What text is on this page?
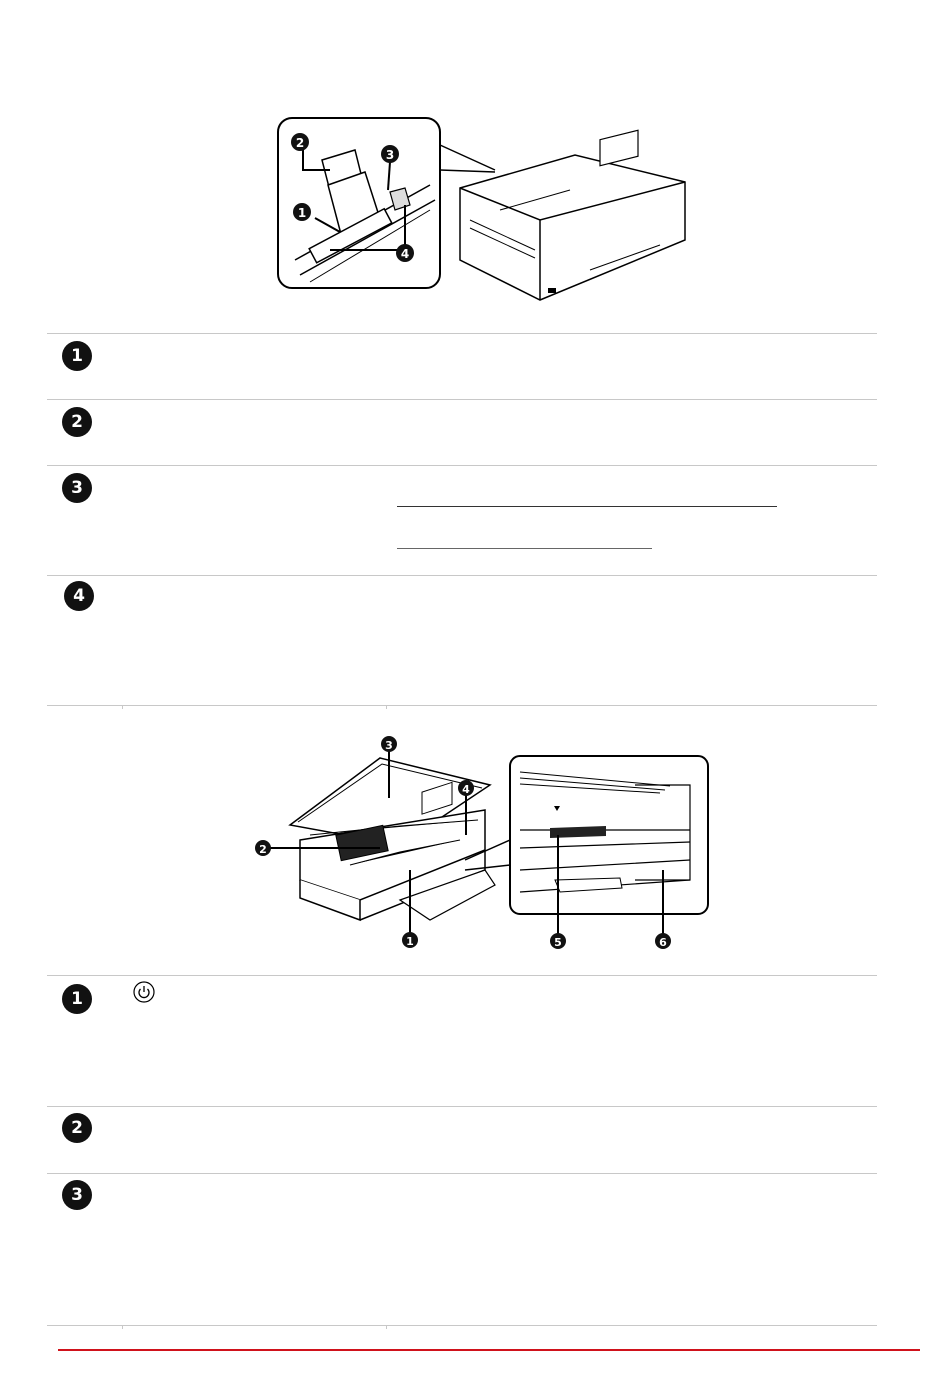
2
3
1
4
1
2
3
4
3
4
2
1	5	6
1
2
3
